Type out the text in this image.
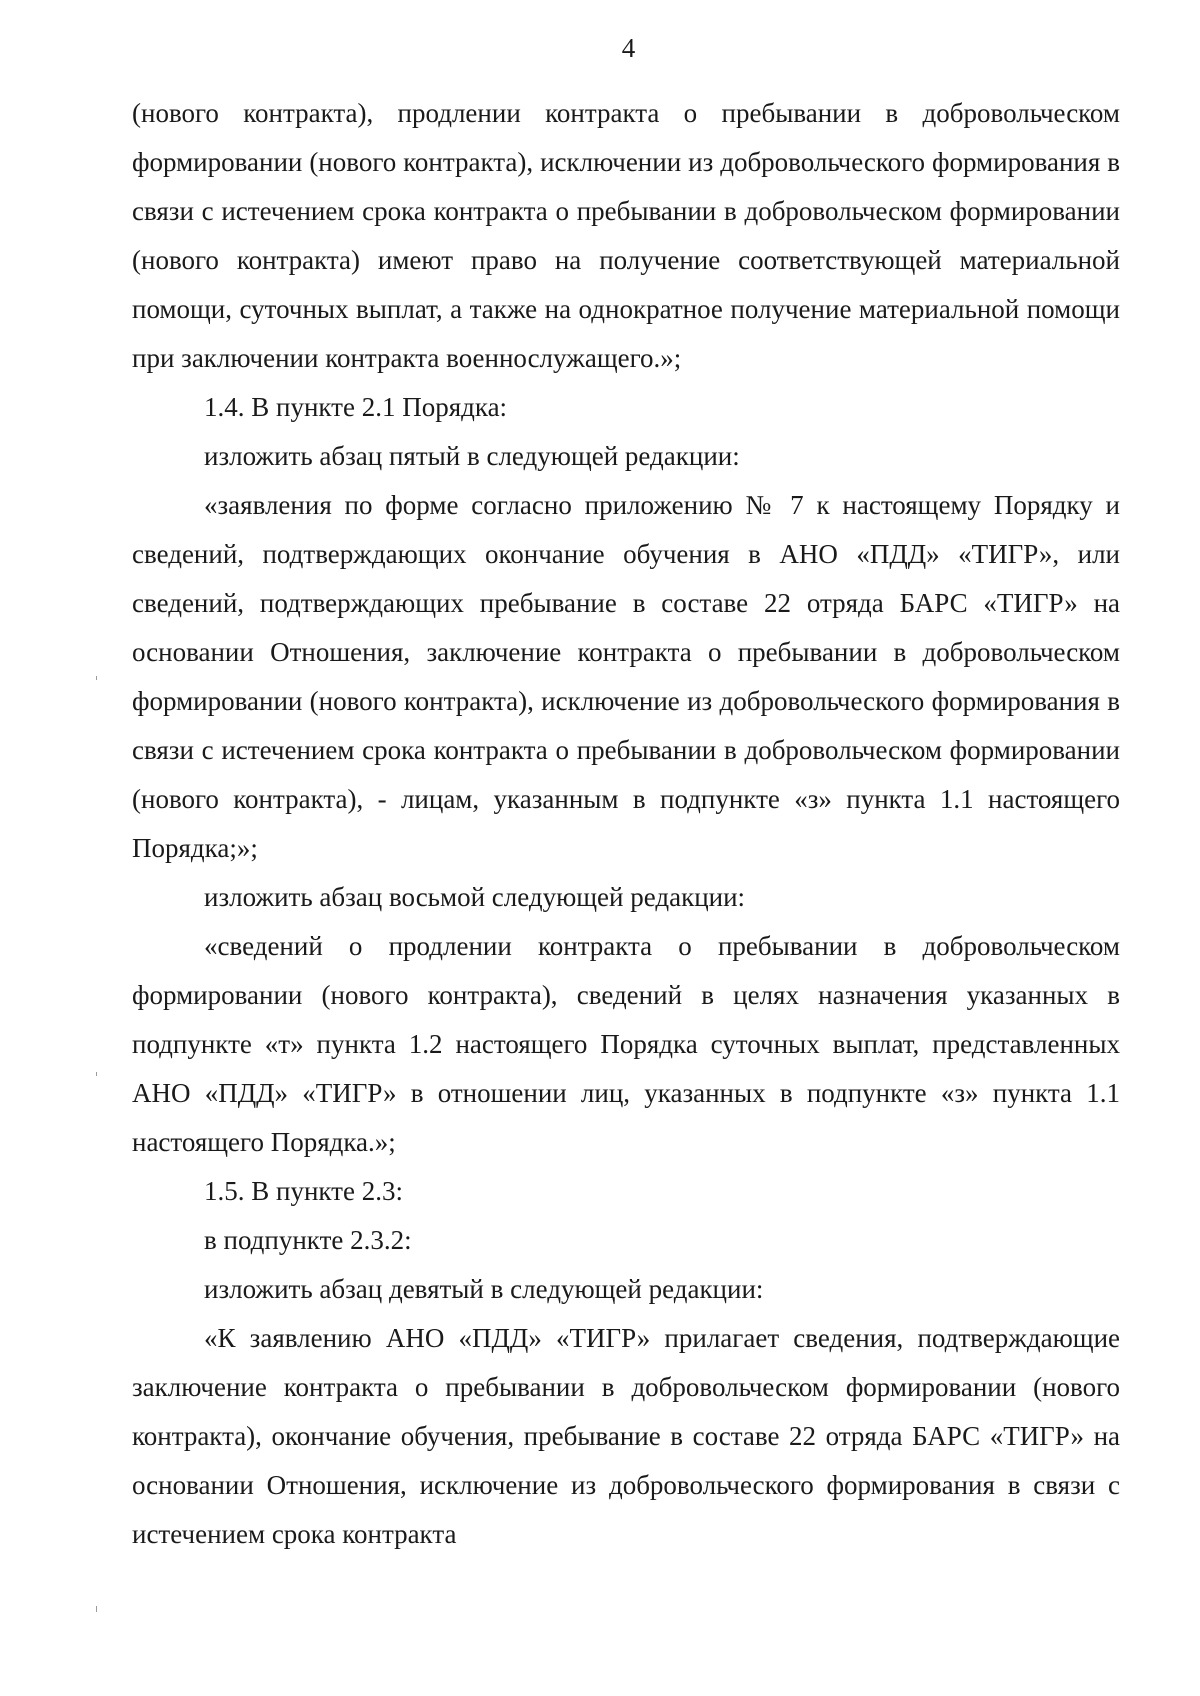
4

(нового контракта), продлении контракта о пребывании в добровольческом формировании (нового контракта), исключении из добровольческого формирования в связи с истечением срока контракта о пребывании в добровольческом формировании (нового контракта) имеют право на получение соответствующей материальной помощи, суточных выплат, а также на однократное получение материальной помощи при заключении контракта военнослужащего.»;

1.4. В пункте 2.1 Порядка:

изложить абзац пятый в следующей редакции:

«заявления по форме согласно приложению № 7 к настоящему Порядку и сведений, подтверждающих окончание обучения в АНО «ПДД» «ТИГР», или сведений, подтверждающих пребывание в составе 22 отряда БАРС «ТИГР» на основании Отношения, заключение контракта о пребывании в добровольческом формировании (нового контракта), исключение из добровольческого формирования в связи с истечением срока контракта о пребывании в добровольческом формировании (нового контракта), - лицам, указанным в подпункте «з» пункта 1.1 настоящего Порядка;»;

изложить абзац восьмой следующей редакции:

«сведений о продлении контракта о пребывании в добровольческом формировании (нового контракта), сведений в целях назначения указанных в подпункте «т» пункта 1.2 настоящего Порядка суточных выплат, представленных АНО «ПДД» «ТИГР» в отношении лиц, указанных в подпункте «з» пункта 1.1 настоящего Порядка.»;

1.5. В пункте 2.3:

в подпункте 2.3.2:

изложить абзац девятый в следующей редакции:

«К заявлению АНО «ПДД» «ТИГР» прилагает сведения, подтверждающие заключение контракта о пребывании в добровольческом формировании (нового контракта), окончание обучения, пребывание в составе 22 отряда БАРС «ТИГР» на основании Отношения, исключение из добровольческого формирования в связи с истечением срока контракта
